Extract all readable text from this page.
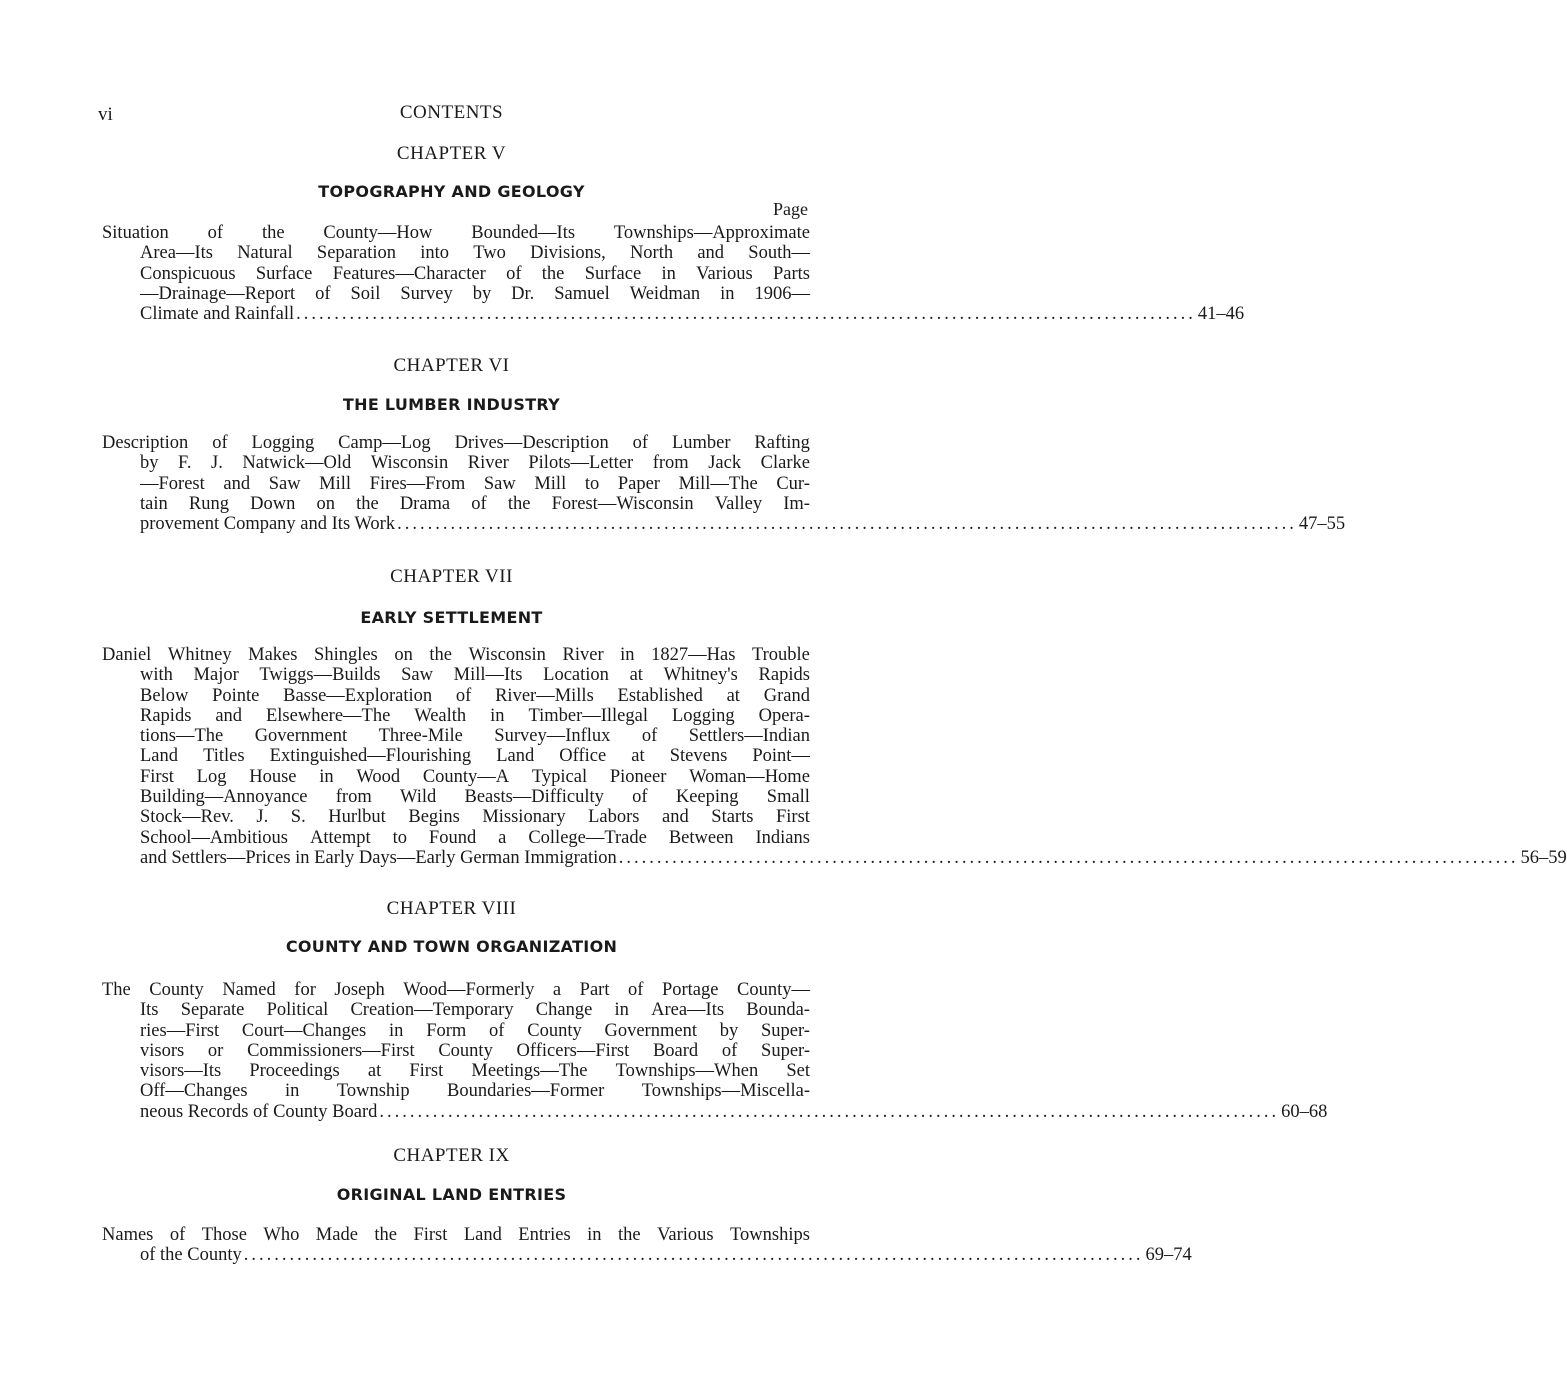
vi	CONTENTS
CHAPTER V
TOPOGRAPHY AND GEOLOGY
Page
Situation of the County—How Bounded—Its Townships—Approximate
Area—Its Natural Separation into Two Divisions, North and South—
Conspicuous Surface Features—Character of the Surface in Various Parts
—Drainage—Report of Soil Survey by Dr. Samuel Weidman in 1906—
Climate and Rainfall ...................................................................................................................... 41–46
CHAPTER VI
THE LUMBER INDUSTRY
Description of Logging Camp—Log Drives—Description of Lumber Rafting
by F. J. Natwick—Old Wisconsin River Pilots—Letter from Jack Clarke
—Forest and Saw Mill Fires—From Saw Mill to Paper Mill—The Cur-
tain Rung Down on the Drama of the Forest—Wisconsin Valley Im-
provement Company and Its Work ...................................................................................................................... 47–55
CHAPTER VII
EARLY SETTLEMENT
Daniel Whitney Makes Shingles on the Wisconsin River in 1827—Has Trouble
with Major Twiggs—Builds Saw Mill—Its Location at Whitney's Rapids
Below Pointe Basse—Exploration of River—Mills Established at Grand
Rapids and Elsewhere—The Wealth in Timber—Illegal Logging Opera-
tions—The Government Three-Mile Survey—Influx of Settlers—Indian
Land Titles Extinguished—Flourishing Land Office at Stevens Point—
First Log House in Wood County—A Typical Pioneer Woman—Home
Building—Annoyance from Wild Beasts—Difficulty of Keeping Small
Stock—Rev. J. S. Hurlbut Begins Missionary Labors and Starts First
School—Ambitious Attempt to Found a College—Trade Between Indians
and Settlers—Prices in Early Days—Early German Immigration ...................................................................................................................... 56–59
CHAPTER VIII
COUNTY AND TOWN ORGANIZATION
The County Named for Joseph Wood—Formerly a Part of Portage County—
Its Separate Political Creation—Temporary Change in Area—Its Bounda-
ries—First Court—Changes in Form of County Government by Super-
visors or Commissioners—First County Officers—First Board of Super-
visors—Its Proceedings at First Meetings—The Townships—When Set
Off—Changes in Township Boundaries—Former Townships—Miscella-
neous Records of County Board ...................................................................................................................... 60–68
CHAPTER IX
ORIGINAL LAND ENTRIES
Names of Those Who Made the First Land Entries in the Various Townships
of the County ...................................................................................................................... 69–74
